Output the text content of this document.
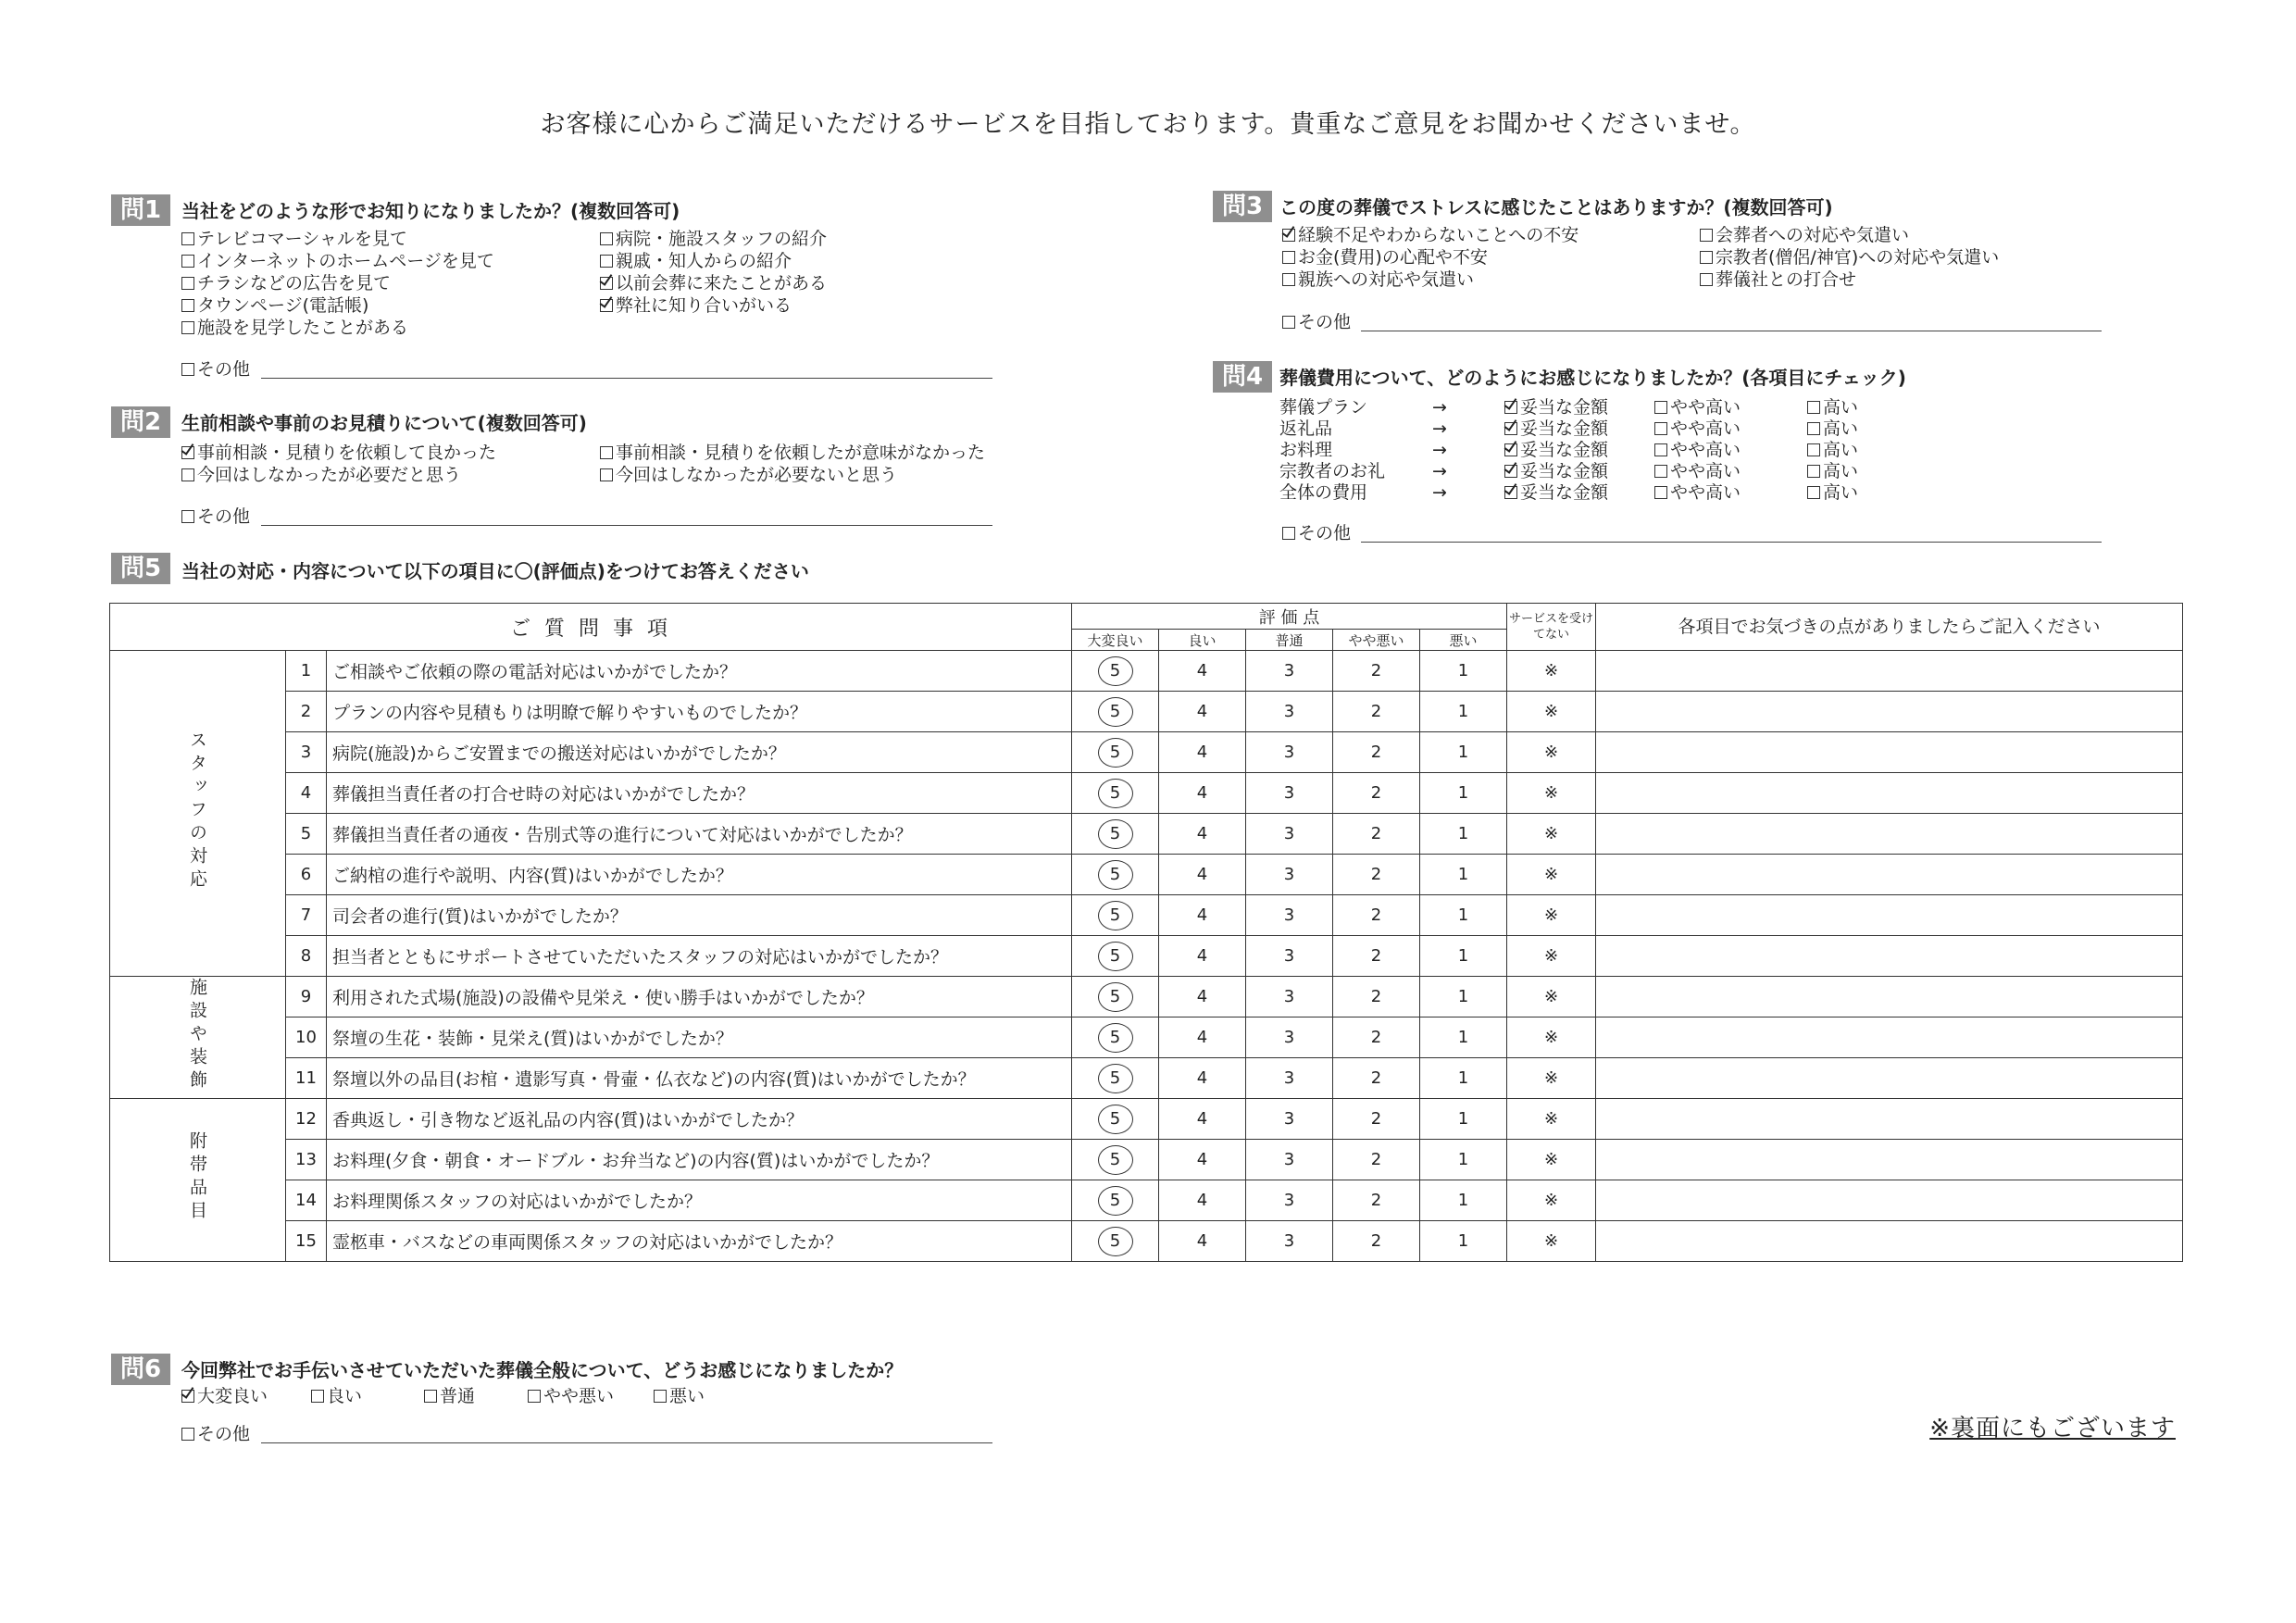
お客様に心からご満足いただけるサービスを目指しております。貴重なご意見をお聞かせくださいませ。
問1	当社をどのような形でお知りになりましたか？(複数回答可)
テレビコマーシャルを見て
インターネットのホームページを見て
チラシなどの広告を見て
タウンページ(電話帳)
施設を見学したことがある
病院・施設スタッフの紹介
親戚・知人からの紹介
以前会葬に来たことがある
弊社に知り合いがいる
その他
問2	生前相談や事前のお見積りについて(複数回答可)
事前相談・見積りを依頼して良かった
今回はしなかったが必要だと思う
事前相談・見積りを依頼したが意味がなかった
今回はしなかったが必要ないと思う
その他
問3 この度の葬儀でストレスに感じたことはありますか？(複数回答可)
経験不足やわからないことへの不安
お金(費用)の心配や不安
親族への対応や気遣い
会葬者への対応や気遣い
宗教者(僧侶/神官)への対応や気遣い
葬儀社との打合せ
その他
問4 葬儀費用について、どのようにお感じになりましたか？(各項目にチェック)
葬儀プラン	→	妥当な金額	やや高い	高い
返礼品	→	妥当な金額	やや高い	高い
お料理	→	妥当な金額	やや高い	高い
宗教者のお礼	→	妥当な金額	やや高い	高い
全体の費用	→	妥当な金額	やや高い	高い
その他
問5	当社の対応・内容について以下の項目に〇(評価点)をつけてお答えください
ご 質 問 事 項			評 価 点					サービスを受けてない	各項目でお気づきの点がありましたらご記入ください
			大変良い	良い	普通	やや悪い	悪い		
スタッフの対応	1	ご相談やご依頼の際の電話対応はいかがでしたか？	5	4	3	2	1	※	
	2	プランの内容や見積もりは明瞭で解りやすいものでしたか？	5	4	3	2	1	※	
	3	病院(施設)からご安置までの搬送対応はいかがでしたか？	5	4	3	2	1	※	
	4	葬儀担当責任者の打合せ時の対応はいかがでしたか？	5	4	3	2	1	※	
	5	葬儀担当責任者の通夜・告別式等の進行について対応はいかがでしたか？	5	4	3	2	1	※	
	6	ご納棺の進行や説明、内容(質)はいかがでしたか？	5	4	3	2	1	※	
	7	司会者の進行(質)はいかがでしたか？	5	4	3	2	1	※	
	8	担当者とともにサポートさせていただいたスタッフの対応はいかがでしたか？	5	4	3	2	1	※	
施設や装飾	9	利用された式場(施設)の設備や見栄え・使い勝手はいかがでしたか？	5	4	3	2	1	※	
	10	祭壇の生花・装飾・見栄え(質)はいかがでしたか？	5	4	3	2	1	※	
	11	祭壇以外の品目(お棺・遺影写真・骨壷・仏衣など)の内容(質)はいかがでしたか？	5	4	3	2	1	※	
附帯品目	12	香典返し・引き物など返礼品の内容(質)はいかがでしたか？	5	4	3	2	1	※	
	13	お料理(夕食・朝食・オードブル・お弁当など)の内容(質)はいかがでしたか？	5	4	3	2	1	※	
	14	お料理関係スタッフの対応はいかがでしたか？	5	4	3	2	1	※	
	15	霊柩車・バスなどの車両関係スタッフの対応はいかがでしたか？	5	4	3	2	1	※	
問6	今回弊社でお手伝いさせていただいた葬儀全般について、どうお感じになりましたか？
大変良い	良い	普通	やや悪い	悪い
その他	※裏面にもございます
